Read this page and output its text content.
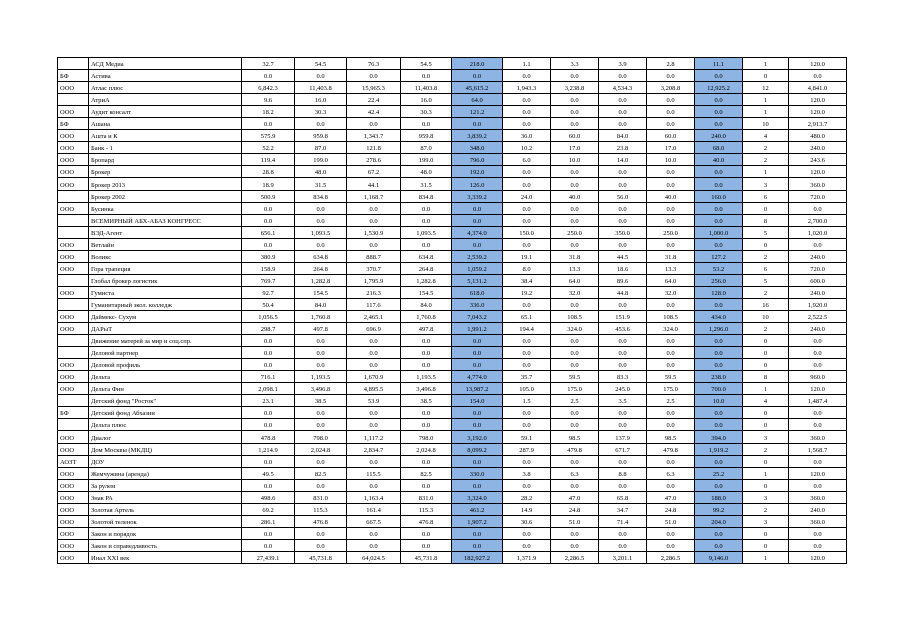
	АСД Медиа	32.7	54.5	76.3	54.5	218.0	1.1	3.3	3.9	2.8	11.1	1	120.0
БФ	Астива	0.0	0.0	0.0	0.0	0.0	0.0	0.0	0.0	0.0	0.0	0	0.0
ООО	Атлас плюс	6,842.3	11,403.8	15,965.3	11,403.8	45,615.2	1,943.3	3,238.8	4,534.3	3,208.8	12,925.2	12	4,841.0
	АтриА	9.6	16.0	22.4	16.0	64.0	0.0	0.0	0.0	0.0	0.0	1	120.0
ООО	Аудит консалт	18.2	30.3	42.4	30.3	121.2	0.0	0.0	0.0	0.0	0.0	1	120.0
БФ	Ашана	0.0	0.0	0.0	0.0	0.0	0.0	0.0	0.0	0.0	0.0	10	2,913.7
ООО	Ашта и К	575.9	959.8	1,343.7	959.8	3,839.2	36.0	60.0	84.0	60.0	240.0	4	480.0
ООО	Банк - 1	52.2	87.0	121.8	87.0	348.0	10.2	17.0	23.8	17.0	68.0	2	240.0
ООО	Бропард	119.4	199.0	278.6	199.0	796.0	6.0	10.0	14.0	10.0	40.0	2	243.6
ООО	Брокер	28.8	48.0	67.2	48.0	192.0	0.0	0.0	0.0	0.0	0.0	1	120.0
ООО	Брокер 2013	18.9	31.5	44.1	31.5	126.0	0.0	0.0	0.0	0.0	0.0	3	360.0
	Брокер 2002	500.9	834.8	1,168.7	834.8	3,339.2	24.0	40.0	56.0	40.0	160.0	6	720.0
ООО	Бусинка	0.0	0.0	0.0	0.0	0.0	0.0	0.0	0.0	0.0	0.0	0	0.0
	ВСЕМИРНЫЙ АБХ-АБАЗ КОНГРЕСС	0.0	0.0	0.0	0.0	0.0	0.0	0.0	0.0	0.0	0.0	8	2,700.0
	ВЭД-Агент	656.1	1,093.5	1,530.9	1,093.5	4,374.0	150.0	250.0	350.0	250.0	1,000.0	5	1,020.0
ООО	Ветлайн	0.0	0.0	0.0	0.0	0.0	0.0	0.0	0.0	0.0	0.0	0	0.0
ООО	Воликс	380.9	634.8	888.7	634.8	2,539.2	19.1	31.8	44.5	31.8	127.2	2	240.0
ООО	Гора трапеция	158.9	264.8	370.7	264.8	1,059.2	8.0	13.3	18.6	13.3	53.2	6	720.0
	Глобал брокер логистик	769.7	1,282.8	1,795.9	1,282.8	5,131.2	38.4	64.0	89.6	64.0	256.0	5	600.0
ООО	Гумиста	92.7	154.5	216.3	154.5	618.0	19.2	32.0	44.8	32.0	128.0	2	240.0
	Гуманитарный экол. колледж	50.4	84.0	117.6	84.0	336.0	0.0	0.0	0.0	0.0	0.0	16	1,920.0
ООО	Даймекс- Сухум	1,056.5	1,760.8	2,465.1	1,760.8	7,043.2	65.1	108.5	151.9	108.5	434.0	10	2,522.5
ООО	ДАРыТ	298.7	497.8	696.9	497.8	1,991.2	194.4	324.0	453.6	324.0	1,296.0	2	240.0
	Движение матерей за мир и соц.спр.	0.0	0.0	0.0	0.0	0.0	0.0	0.0	0.0	0.0	0.0	0	0.0
	Деловой партнер	0.0	0.0	0.0	0.0	0.0	0.0	0.0	0.0	0.0	0.0	0	0.0
ООО	Деловой профиль	0.0	0.0	0.0	0.0	0.0	0.0	0.0	0.0	0.0	0.0	0	0.0
ООО	Дельта	716.1	1,193.5	1,670.9	1,193.5	4,774.0	35.7	59.5	83.3	59.5	238.0	8	960.0
ООО	Дельта Фин	2,098.1	3,496.8	4,895.5	3,496.8	13,987.2	105.0	175.0	245.0	175.0	700.0	1	120.0
	Детский фонд "Росток"	23.1	38.5	53.9	38.5	154.0	1.5	2.5	3.5	2.5	10.0	4	1,487.4
БФ	Детский фонд Абхазии	0.0	0.0	0.0	0.0	0.0	0.0	0.0	0.0	0.0	0.0	0	0.0
	Дельта плюс	0.0	0.0	0.0	0.0	0.0	0.0	0.0	0.0	0.0	0.0	0	0.0
ООО	Диалог	478.8	798.0	1,117.2	798.0	3,192.0	59.1	98.5	137.9	98.5	394.0	3	360.0
ООО	Дом Москвы (МКДЦ)	1,214.9	2,024.8	2,834.7	2,024.8	8,099.2	287.9	479.8	671.7	479.8	1,919.2	2	1,568.7
АОЗТ	ДОУ	0.0	0.0	0.0	0.0	0.0	0.0	0.0	0.0	0.0	0.0	0	0.0
ООО	Жемчужина (аренда)	49.5	82.5	115.5	82.5	330.0	3.8	6.3	8.8	6.3	25.2	1	120.0
ООО	За рулем	0.0	0.0	0.0	0.0	0.0	0.0	0.0	0.0	0.0	0.0	0	0.0
ООО	Знак РА	498.6	831.0	1,163.4	831.0	3,324.0	28.2	47.0	65.8	47.0	188.0	3	360.0
ООО	Золотая Артель	69.2	115.3	161.4	115.3	461.2	14.9	24.8	34.7	24.8	99.2	2	240.0
ООО	Золотой теленок	286.1	476.8	667.5	476.8	1,907.2	30.6	51.0	71.4	51.0	204.0	3	360.0
ООО	Закон и порядок	0.0	0.0	0.0	0.0	0.0	0.0	0.0	0.0	0.0	0.0	0	0.0
ООО	Закон и справедливость	0.0	0.0	0.0	0.0	0.0	0.0	0.0	0.0	0.0	0.0	0	0.0
ООО	Инал XXI век	27,439.1	45,731.8	64,024.5	45,731.8	182,927.2	1,371.9	2,286.5	3,201.1	2,286.5	9,146.0	1	120.0
